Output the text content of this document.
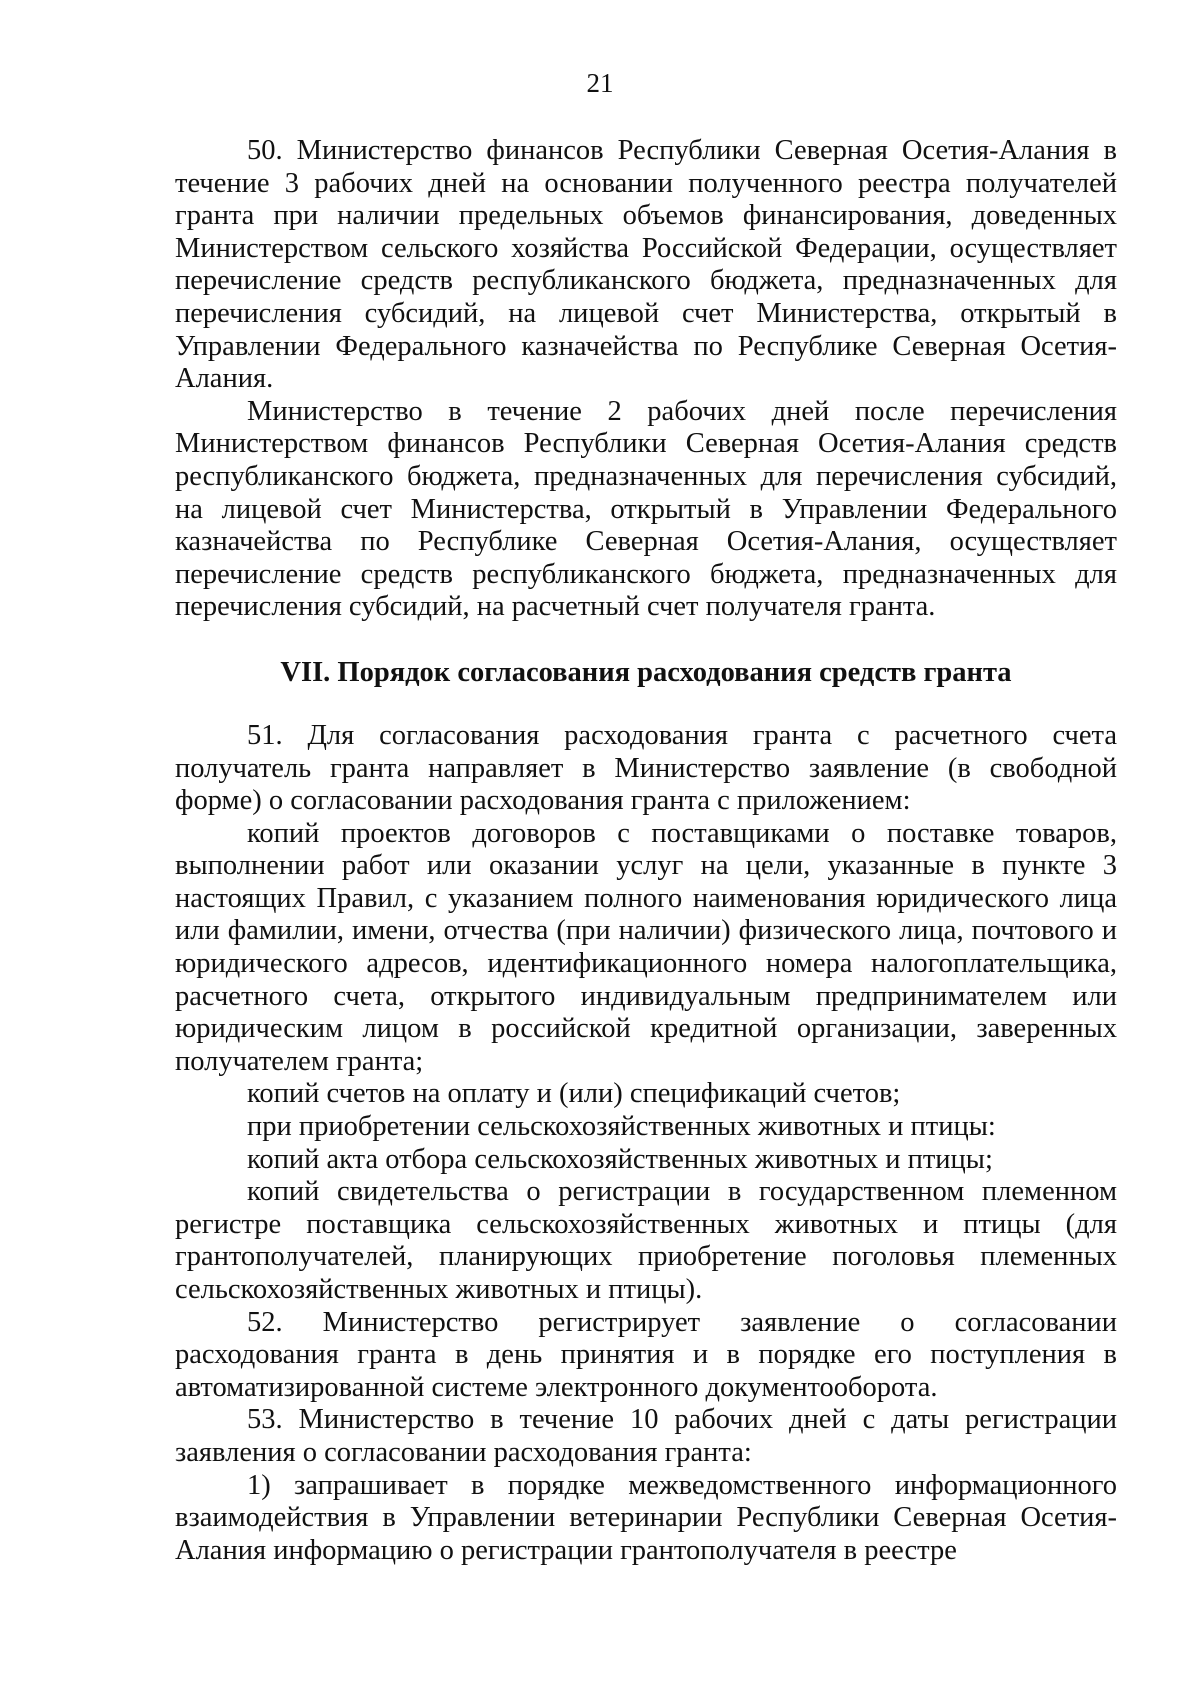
21

50. Министерство финансов Республики Северная Осетия-Алания в течение 3 рабочих дней на основании полученного реестра получателей гранта при наличии предельных объемов финансирования, доведенных Министерством сельского хозяйства Российской Федерации, осуществляет перечисление средств республиканского бюджета, предназначенных для перечисления субсидий, на лицевой счет Министерства, открытый в Управлении Федерального казначейства по Республике Северная Осетия-Алания.

Министерство в течение 2 рабочих дней после перечисления Министерством финансов Республики Северная Осетия-Алания средств республиканского бюджета, предназначенных для перечисления субсидий, на лицевой счет Министерства, открытый в Управлении Федерального казначейства по Республике Северная Осетия-Алания, осуществляет перечисление средств республиканского бюджета, предназначенных для перечисления субсидий, на расчетный счет получателя гранта.

VII. Порядок согласования расходования средств гранта

51. Для согласования расходования гранта с расчетного счета получатель гранта направляет в Министерство заявление (в свободной форме) о согласовании расходования гранта с приложением:

копий проектов договоров с поставщиками о поставке товаров, выполнении работ или оказании услуг на цели, указанные в пункте 3 настоящих Правил, с указанием полного наименования юридического лица или фамилии, имени, отчества (при наличии) физического лица, почтового и юридического адресов, идентификационного номера налогоплательщика, расчетного счета, открытого индивидуальным предпринимателем или юридическим лицом в российской кредитной организации, заверенных получателем гранта;

копий счетов на оплату и (или) спецификаций счетов;

при приобретении сельскохозяйственных животных и птицы:

копий акта отбора сельскохозяйственных животных и птицы;

копий свидетельства о регистрации в государственном племенном регистре поставщика сельскохозяйственных животных и птицы (для грантополучателей, планирующих приобретение поголовья племенных сельскохозяйственных животных и птицы).

52. Министерство регистрирует заявление о согласовании расходования гранта в день принятия и в порядке его поступления в автоматизированной системе электронного документооборота.

53. Министерство в течение 10 рабочих дней с даты регистрации заявления о согласовании расходования гранта:

1) запрашивает в порядке межведомственного информационного взаимодействия в Управлении ветеринарии Республики Северная Осетия-Алания информацию о регистрации грантополучателя в реестре
